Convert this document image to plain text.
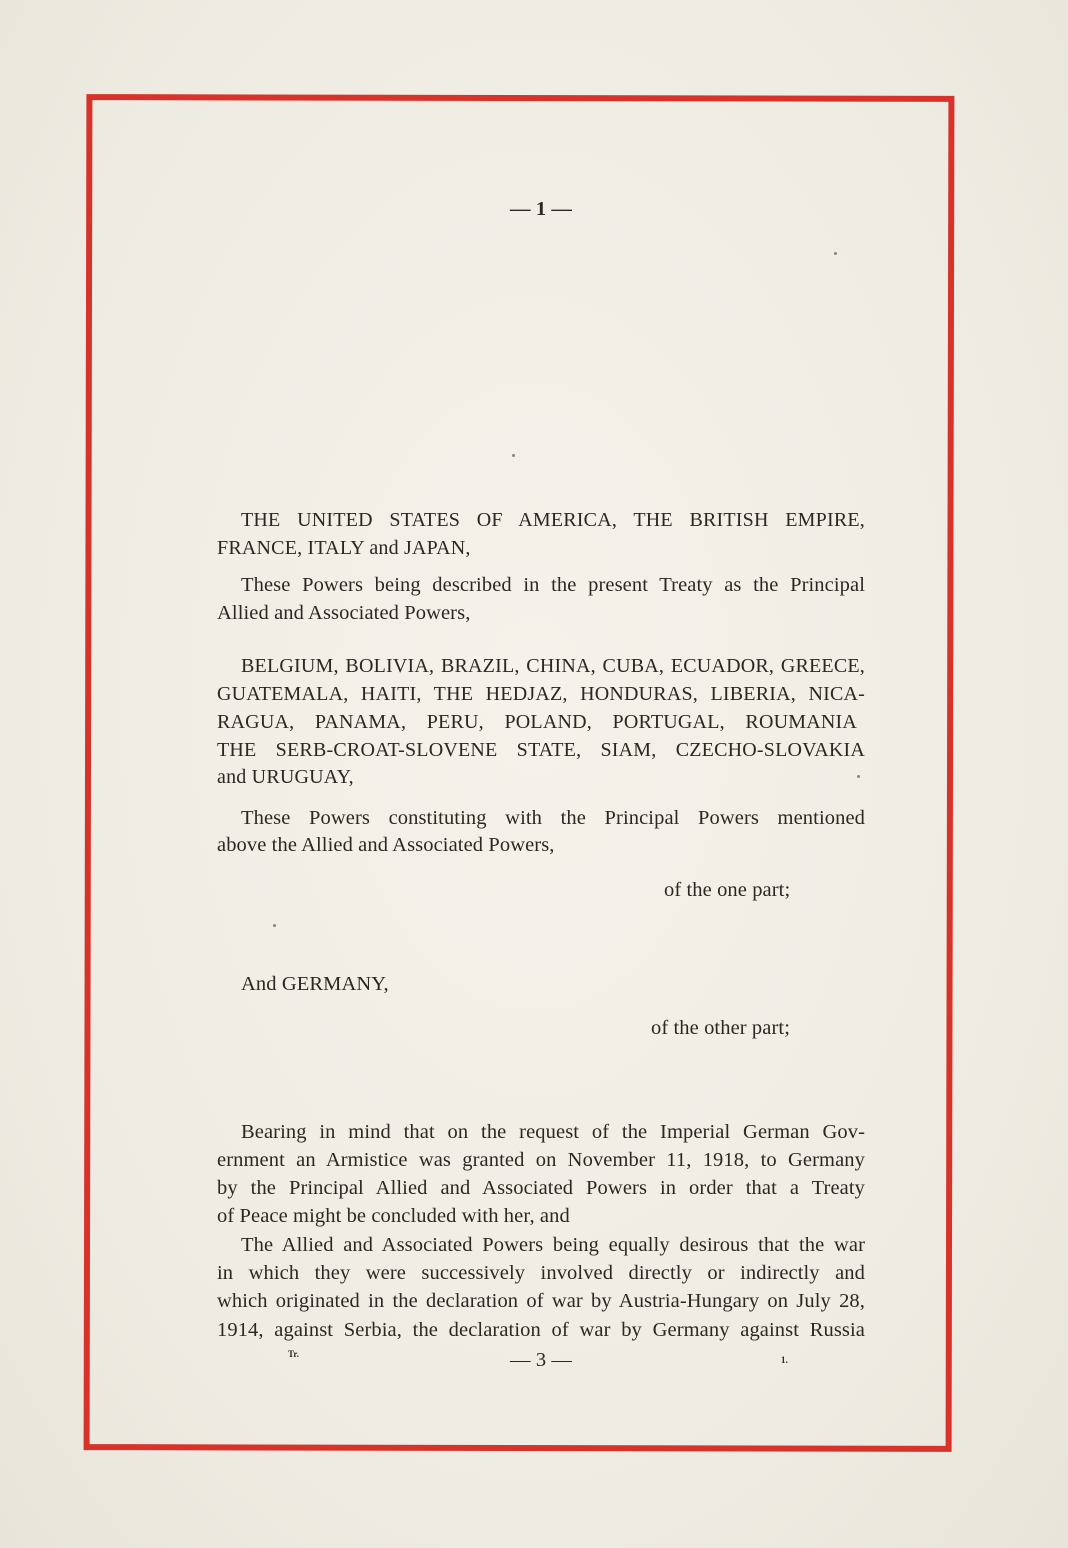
— 1 —

THE UNITED STATES OF AMERICA, THE BRITISH EMPIRE,

FRANCE, ITALY and JAPAN,

These Powers being described in the present Treaty as the Principal

Allied and Associated Powers,

BELGIUM, BOLIVIA, BRAZIL, CHINA, CUBA, ECUADOR, GREECE,

GUATEMALA, HAITI, THE HEDJAZ, HONDURAS, LIBERIA, NICA-

RAGUA, PANAMA, PERU, POLAND, PORTUGAL, ROUMANIA

THE SERB-CROAT-SLOVENE STATE, SIAM, CZECHO-SLOVAKIA

and URUGUAY,

These Powers constituting with the Principal Powers mentioned

above the Allied and Associated Powers,

of the one part;

And GERMANY,

of the other part;

Bearing in mind that on the request of the Imperial German Gov-

ernment an Armistice was granted on November 11, 1918, to Germany

by the Principal Allied and Associated Powers in order that a Treaty

of Peace might be concluded with her, and

The Allied and Associated Powers being equally desirous that the war

in which they were successively involved directly or indirectly and

which originated in the declaration of war by Austria-Hungary on July 28,

1914, against Serbia, the declaration of war by Germany against Russia

Tr.	— 3 —	1.
